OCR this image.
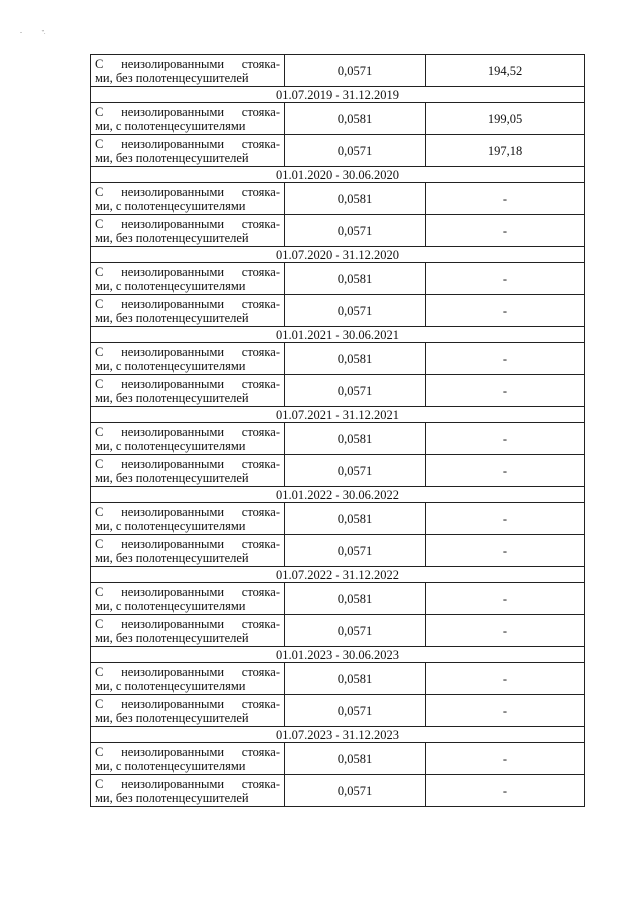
-	".
С неизолированными стояка-
ми, без полотенцесушителей	0,0571	194,52
01.07.2019 - 31.12.2019		

С неизолированными стояка-
ми, с полотенцесушителями	0,0581	199,05

С неизолированными стояка-
ми, без полотенцесушителей	0,0571	197,18
01.01.2020 - 30.06.2020		

С неизолированными стояка-
ми, с полотенцесушителями	0,0581	-

С неизолированными стояка-
ми, без полотенцесушителей	0,0571	-
01.07.2020 - 31.12.2020		

С неизолированными стояка-
ми, с полотенцесушителями	0,0581	-

С неизолированными стояка-
ми, без полотенцесушителей	0,0571	-
01.01.2021 - 30.06.2021		

С неизолированными стояка-
ми, с полотенцесушителями	0,0581	-

С неизолированными стояка-
ми, без полотенцесушителей	0,0571	-
01.07.2021 - 31.12.2021		

С неизолированными стояка-
ми, с полотенцесушителями	0,0581	-

С неизолированными стояка-
ми, без полотенцесушителей	0,0571	-
01.01.2022 - 30.06.2022		

С неизолированными стояка-
ми, с полотенцесушителями	0,0581	-

С неизолированными стояка-
ми, без полотенцесушителей	0,0571	-
01.07.2022 - 31.12.2022		

С неизолированными стояка-
ми, с полотенцесушителями	0,0581	-

С неизолированными стояка-
ми, без полотенцесушителей	0,0571	-
01.01.2023 - 30.06.2023		

С неизолированными стояка-
ми, с полотенцесушителями	0,0581	-

С неизолированными стояка-
ми, без полотенцесушителей	0,0571	-
01.07.2023 - 31.12.2023		

С неизолированными стояка-
ми, с полотенцесушителями	0,0581	-

С неизолированными стояка-
ми, без полотенцесушителей	0,0571	-
